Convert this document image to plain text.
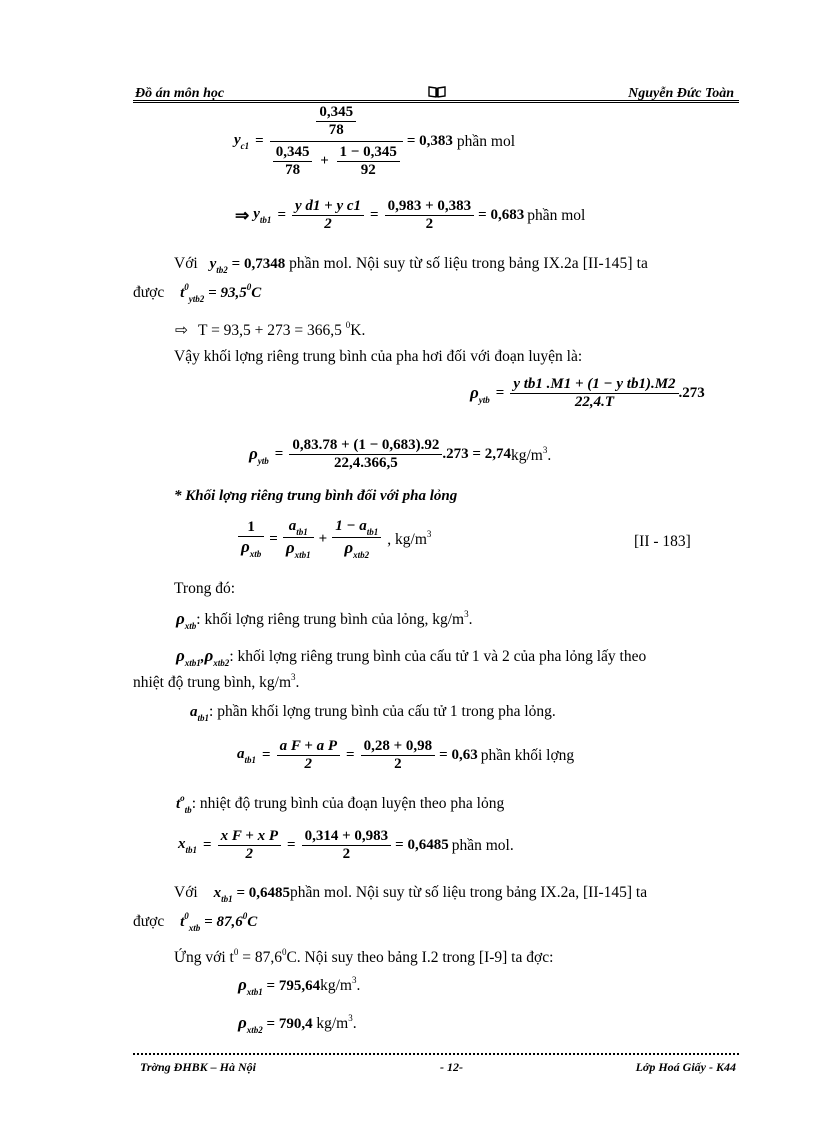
Đồ án môn học	Nguyễn Đức Toàn
$y_{c1} = \frac{\frac{0,345}{78}}{\frac{0,345}{78} + \frac{1 - 0,345}{92}} = 0,383$ phần mol
⇒ $y_{tb1} = \frac{\text{y d1 + y c1}}{2} = \frac{0,983 + 0,383}{2} = 0,683$ phần mol
Với $y_{tb2} = 0,7348$ phần mol. Nội suy từ số liệu trong bảng IX.2a [II-145] ta
được $t^0_{ytb2} = 93,5^0C$
⇨ T = 93,5 + 273 = 366,5 $^0$K.
Vậy khối lợng riêng trung bình của pha hơi đối với đoạn luyện là:
$\rho_{ytb} = \frac{\text{y tb1 .M1 + (1 − y tb1).M2}}{22,4.T} .273$
$\rho_{ytb} = \frac{0,83.78 + (1 - 0,683).92}{22,4.366,5} .273 = 2,74$ $kg/m^3$.
* Khối lợng riêng trung bình đối với pha lỏng
$\frac{1}{\rho_{xtb}} = \frac{a_{tb1}}{\rho_{xtb1}} + \frac{1 - a_{tb1}}{\rho_{xtb2}}$ , $kg/m^3$	[II - 183]
Trong đó:
$\rho_{xtb}$: khối lợng riêng trung bình của lỏng, $kg/m^3$.
$\rho_{xtb1},\rho_{xtb2}$: khối lợng riêng trung bình của cấu tử 1 và 2 của pha lỏng lấy theo
nhiệt độ trung bình, $kg/m^3$.
$a_{tb1}$: phần khối lợng trung bình của cấu tử 1 trong pha lỏng.
$a_{tb1} = \frac{\text{a F + a P}}{2} = \frac{0,28 + 0,98}{2} = 0,63$ phần khối lợng
$t^o_{tb}$: nhiệt độ trung bình của đoạn luyện theo pha lỏng
$x_{tb1} = \frac{\text{x F + x P}}{2} = \frac{0,314 + 0,983}{2} = 0,6485$ phần mol.
Với $x_{tb1}$ = 0,6485phần mol. Nội suy từ số liệu trong bảng IX.2a, [II-145] ta
được $t^0_{xtb} = 87,6^0C$
Ứng với $t^0 = 87,6^0C$. Nội suy theo bảng I.2 trong [I-9] ta đợc:
$\rho_{xtb1} = 795,64kg/m^3$.
$\rho_{xtb2} = 790,4$ $kg/m^3$.
Trờng ĐHBK – Hà Nội	- 12-	Lớp Hoá Giấy - K44
